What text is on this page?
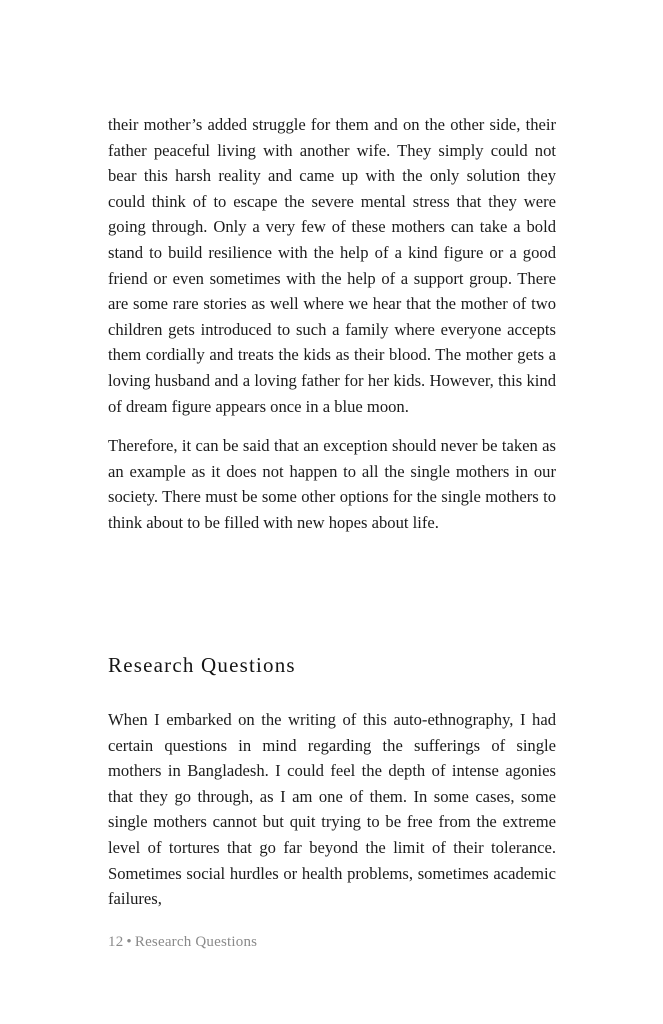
their mother’s added struggle for them and on the other side, their father peaceful living with another wife. They simply could not bear this harsh reality and came up with the only solution they could think of to escape the severe mental stress that they were going through. Only a very few of these mothers can take a bold stand to build resilience with the help of a kind figure or a good friend or even sometimes with the help of a support group. There are some rare stories as well where we hear that the mother of two children gets introduced to such a family where everyone accepts them cordially and treats the kids as their blood. The mother gets a loving husband and a loving father for her kids. However, this kind of dream figure appears once in a blue moon.

Therefore, it can be said that an exception should never be taken as an example as it does not happen to all the single mothers in our society. There must be some other options for the single mothers to think about to be filled with new hopes about life.

Research Questions

When I embarked on the writing of this auto-ethnography, I had certain questions in mind regarding the sufferings of single mothers in Bangladesh. I could feel the depth of intense agonies that they go through, as I am one of them. In some cases, some single mothers cannot but quit trying to be free from the extreme level of tortures that go far beyond the limit of their tolerance. Sometimes social hurdles or health problems, sometimes academic failures,

12 • Research Questions
